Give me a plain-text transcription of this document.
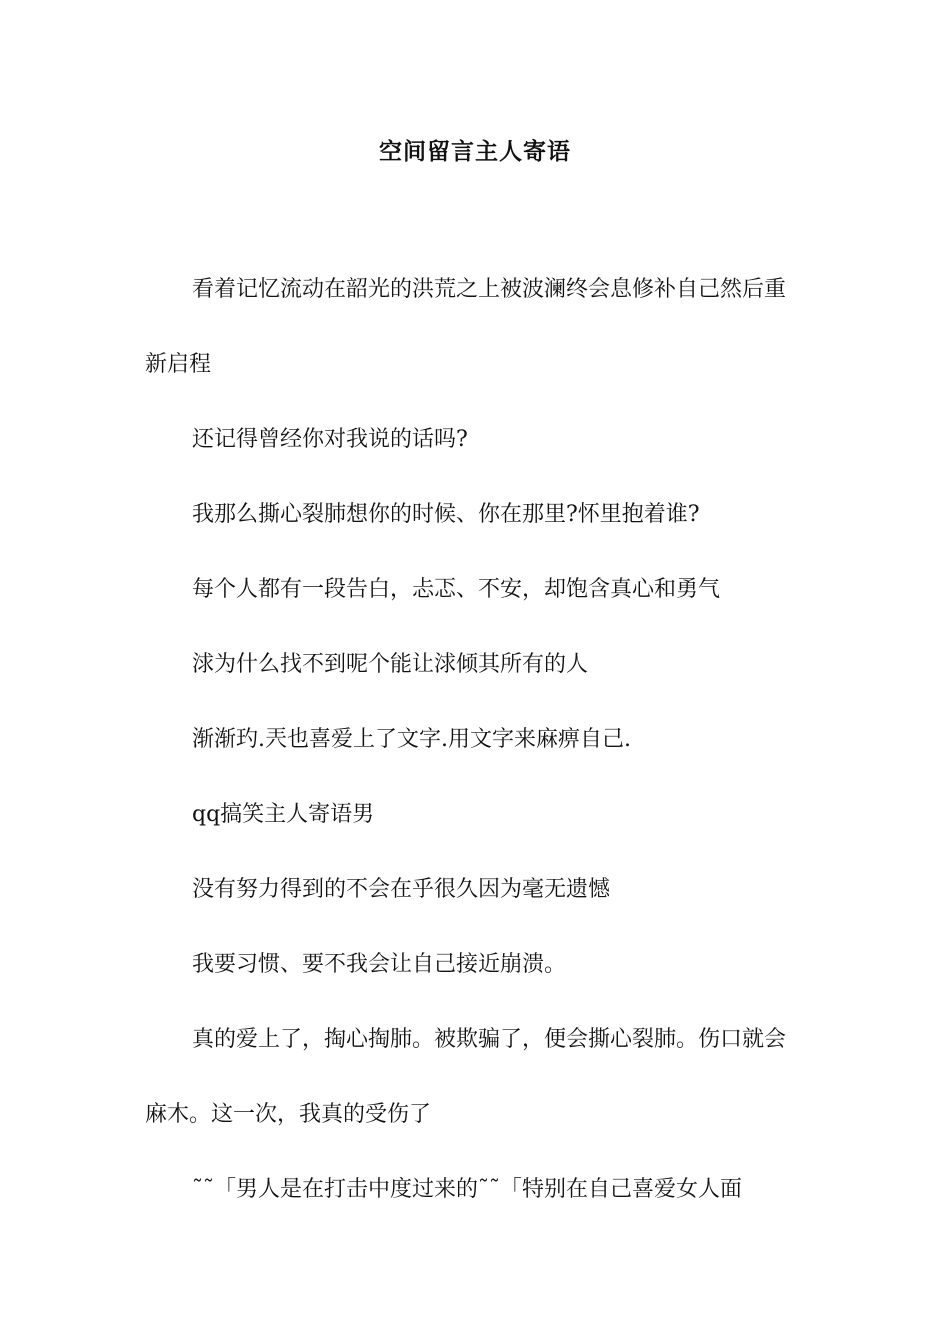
空间留言主人寄语

看着记忆流动在韶光的洪荒之上被波澜终会息修补自己然后重新启程

还记得曾经你对我说的话吗?

我那么撕心裂肺想你的时候、你在那里?怀里抱着谁?

每个人都有一段告白，忐忑、不安，却饱含真心和勇气

浗为什么找不到呢个能让浗倾其所有的人

渐渐玓.兲也喜爱上了文字.用文字来麻痹自己.

qq搞笑主人寄语男

没有努力得到的不会在乎很久因为毫无遗憾

我要习惯、要不我会让自己接近崩溃。

真的爱上了，掏心掏肺。被欺骗了，便会撕心裂肺。伤口就会麻木。这一次，我真的受伤了

˜˜「男人是在打击中度过来的˜˜「特别在自己喜爱女人面
